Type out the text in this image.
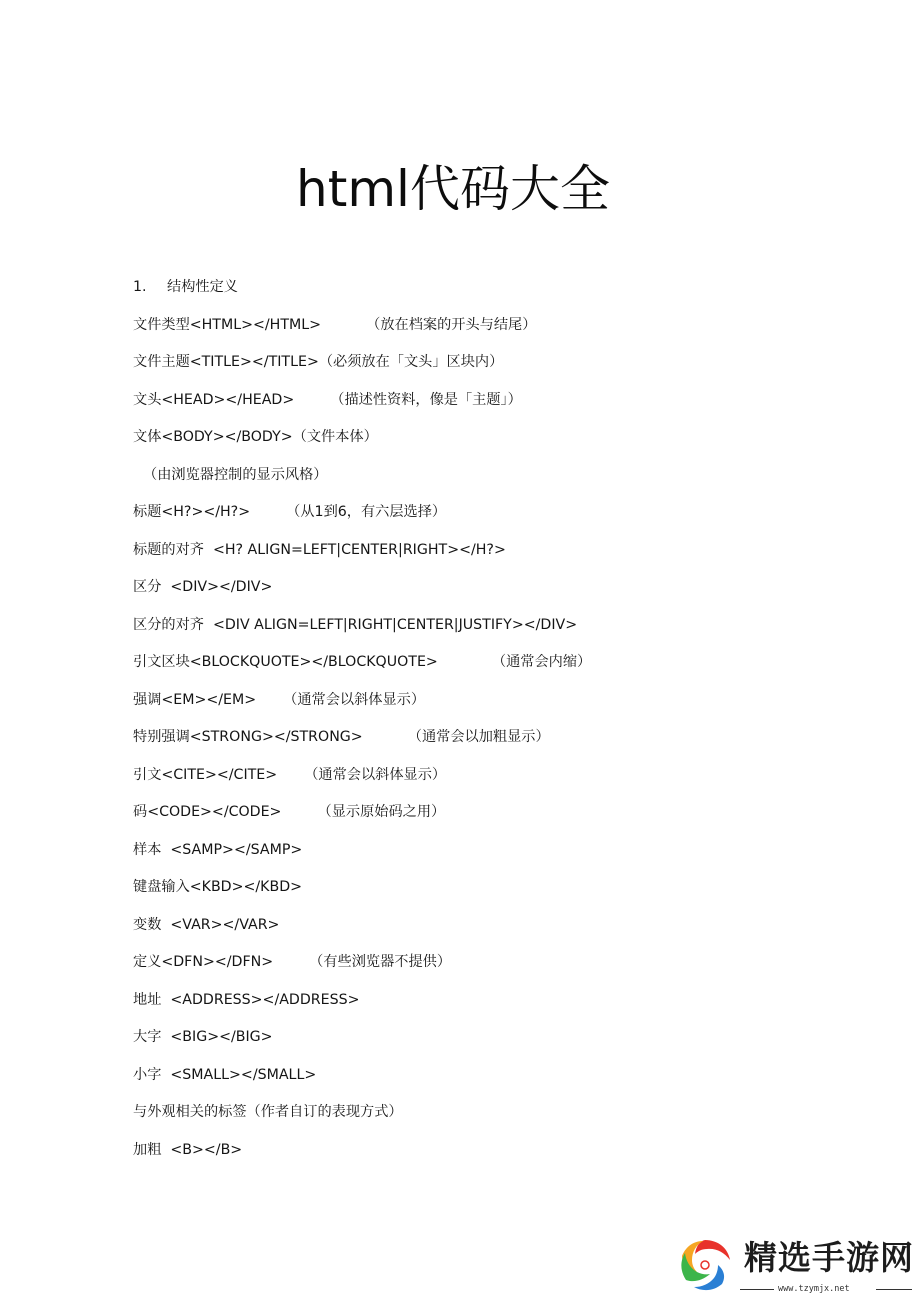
html代码大全
1. 结构性定义
文件类型<HTML></HTML>          （放在档案的开头与结尾）
文件主题<TITLE></TITLE>（必须放在「文头」区块内）
文头<HEAD></HEAD>        （描述性资料，像是「主题」）
文体<BODY></BODY>（文件本体）
（由浏览器控制的显示风格）
标题<H?></H?>        （从1到6，有六层选择）
标题的对齐  <H? ALIGN=LEFT|CENTER|RIGHT></H?>
区分  <DIV></DIV>
区分的对齐  <DIV ALIGN=LEFT|RIGHT|CENTER|JUSTIFY></DIV>
引文区块<BLOCKQUOTE></BLOCKQUOTE>            （通常会内缩）
强调<EM></EM>      （通常会以斜体显示）
特别强调<STRONG></STRONG>          （通常会以加粗显示）
引文<CITE></CITE>      （通常会以斜体显示）
码<CODE></CODE>        （显示原始码之用）
样本  <SAMP></SAMP>
键盘输入<KBD></KBD>
变数  <VAR></VAR>
定义<DFN></DFN>        （有些浏览器不提供）
地址  <ADDRESS></ADDRESS>
大字  <BIG></BIG>
小字  <SMALL></SMALL>
与外观相关的标签（作者自订的表现方式）
加粗  <B></B>
精选手游网
www.tzymjx.net
